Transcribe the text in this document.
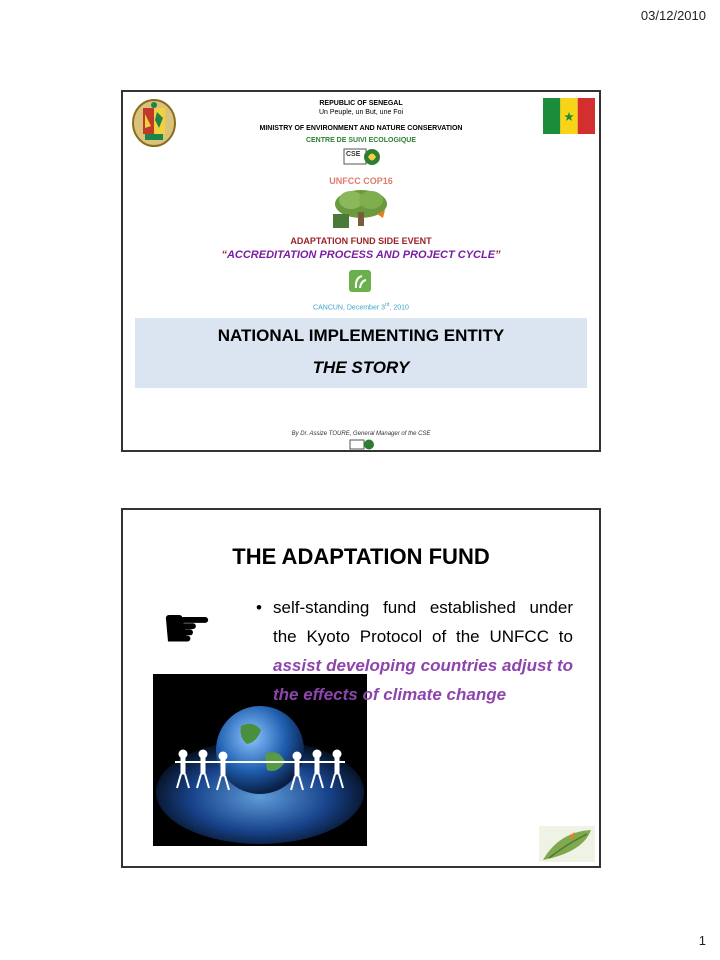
03/12/2010
REPUBLIC OF SENEGAL
Un Peuple, un But, une Foi
MINISTRY OF ENVIRONMENT AND NATURE CONSERVATION
CENTRE DE SUIVI ECOLOGIQUE
CSE
UNFCC COP16
ADAPTATION FUND SIDE EVENT
“ACCREDITATION PROCESS AND PROJECT CYCLE”
CANCUN, December 3rd, 2010
NATIONAL IMPLEMENTING ENTITY
THE STORY
By Dr. Assize TOURE, General Manager of the CSE
THE ADAPTATION FUND
☛	• self-standing fund established under the Kyoto Protocol of the UNFCC to assist developing countries adjust to the effects of climate change
1
